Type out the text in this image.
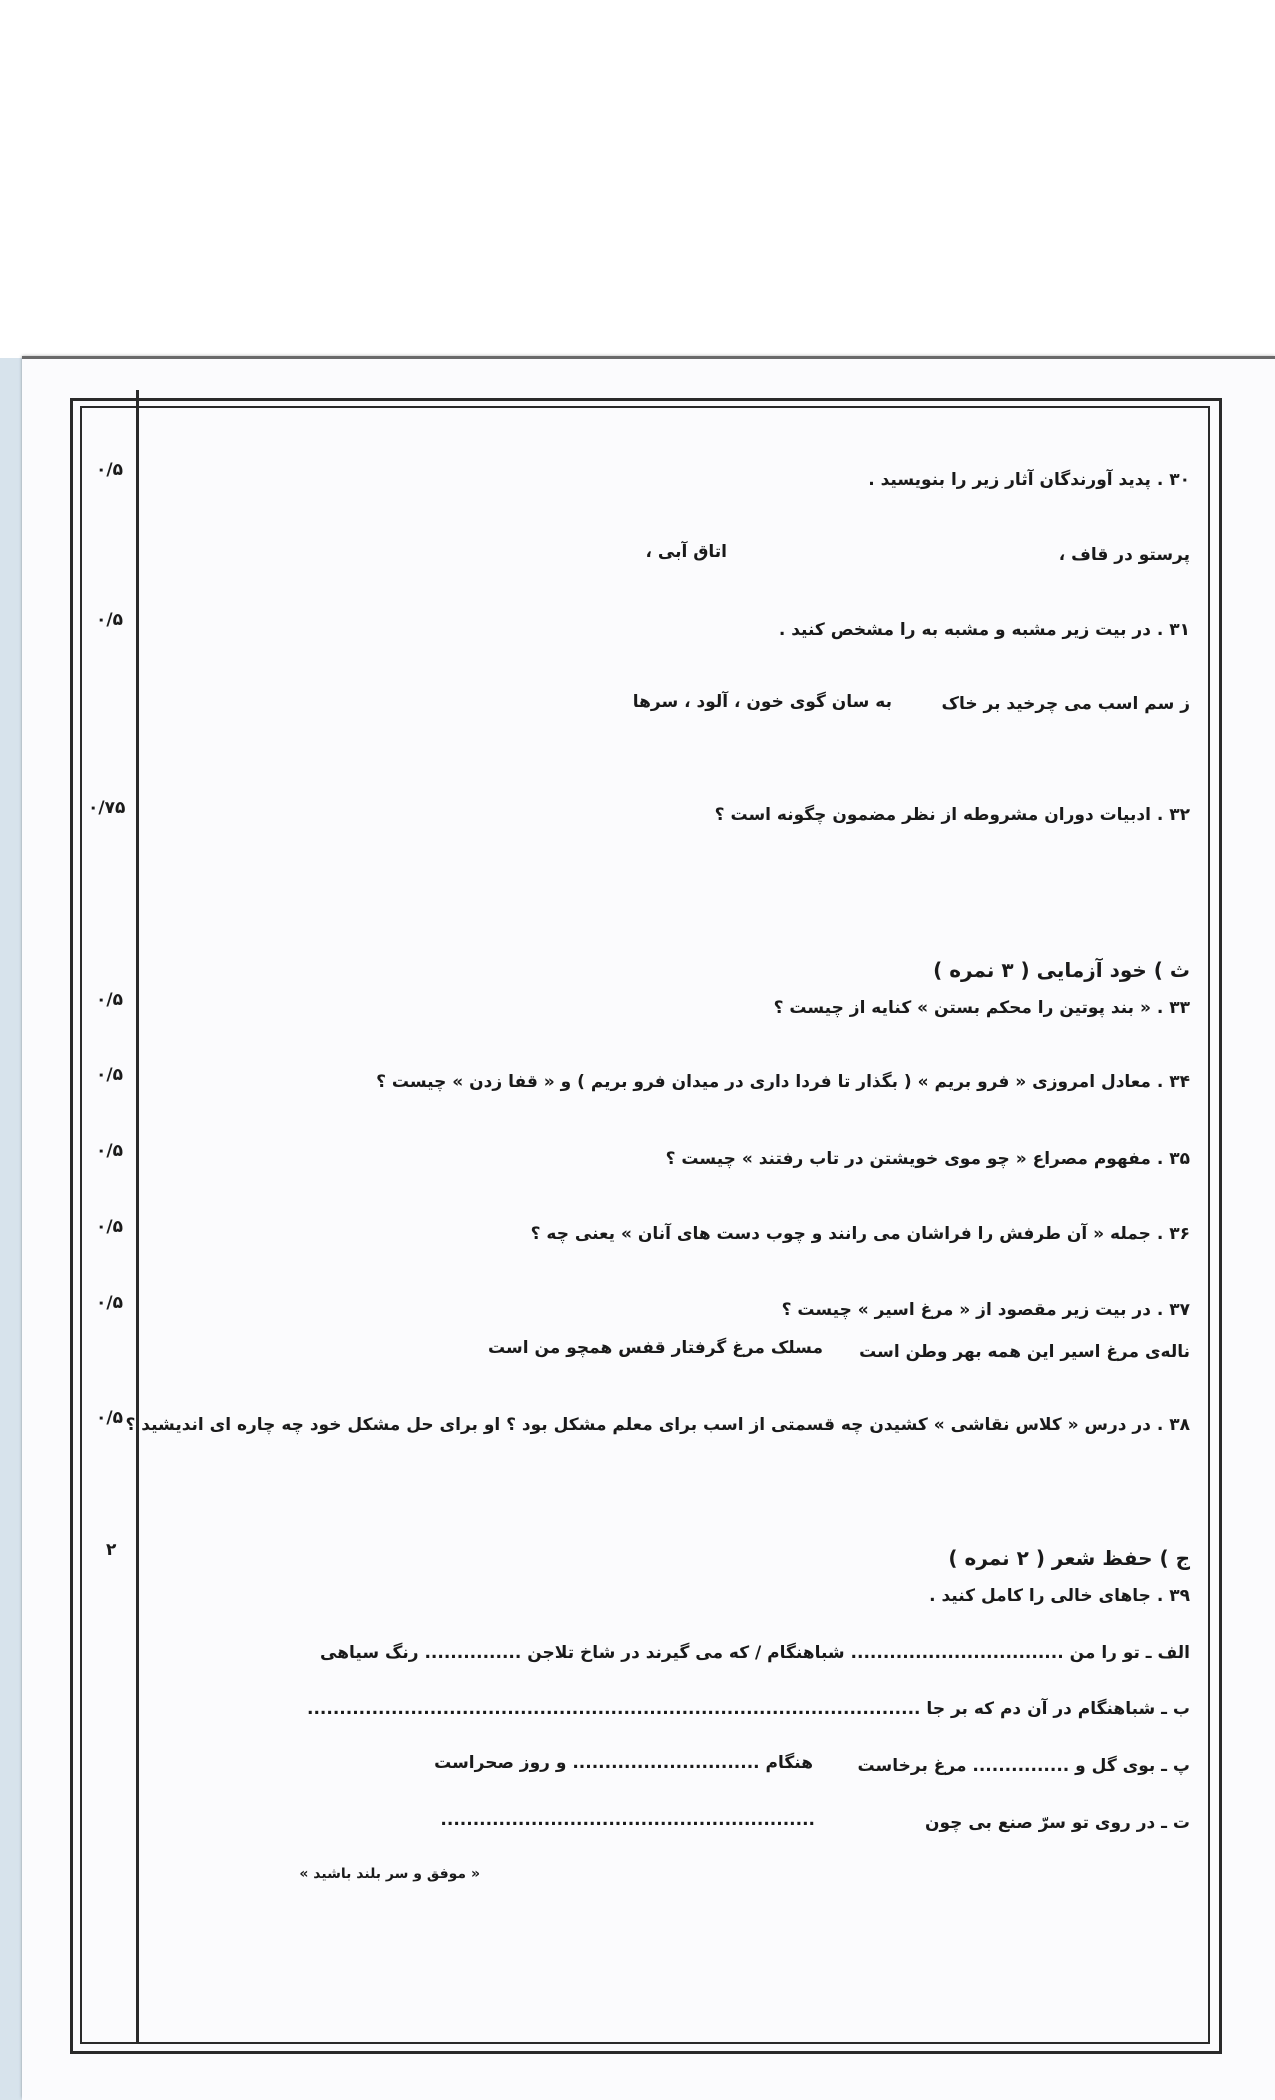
۰/۵
۰/۵
۰/۷۵
۰/۵
۰/۵
۰/۵
۰/۵
۰/۵
۰/۵
۲
۳۰ . پدید آورندگان آثار زیر را بنویسید .
پرستو در قاف ،
اتاق آبی ،
۳۱ . در بیت زیر مشبه و مشبه به را مشخص کنید .
ز سم اسب می چرخید بر خاک
به سان گوی خون ، آلود ، سرها
۳۲ . ادبیات دوران مشروطه از نظر مضمون چگونه است ؟
ث ) خود آزمایی ( ۳ نمره )
۳۳ . « بند پوتین را محکم بستن » کنایه از چیست ؟
۳۴ . معادل امروزی « فرو بریم » ( بگذار تا فردا داری در میدان فرو بریم ) و « قفا زدن » چیست ؟
۳۵ . مفهوم مصراع « چو موی خویشتن در تاب رفتند » چیست ؟
۳۶ . جمله « آن طرفش را فراشان می رانند و چوب دست های آنان » یعنی چه ؟
۳۷ . در بیت زیر مقصود از « مرغ اسیر » چیست ؟
ناله‌ی مرغ اسیر این همه بهر وطن است
مسلک مرغ گرفتار قفس همچو من است
۳۸ . در درس « کلاس نقاشی » کشیدن چه قسمتی از اسب برای معلم مشکل بود ؟ او برای حل مشکل خود چه چاره ای اندیشید ؟
ج ) حفظ شعر ( ۲ نمره )
۳۹ . جاهای خالی را کامل کنید .
الف ـ تو را من ................................. شباهنگام / که می گیرند در شاخ تلاجن ............... رنگ سیاهی
ب ـ شباهنگام در آن دم که بر جا ...............................................................................................
پ ـ بوی گل و ............... مرغ برخاست
هنگام ............................. و روز صحراست
ت ـ در روی تو سرّ صنع بی چون
..........................................................
« موفق و سر بلند باشید »
